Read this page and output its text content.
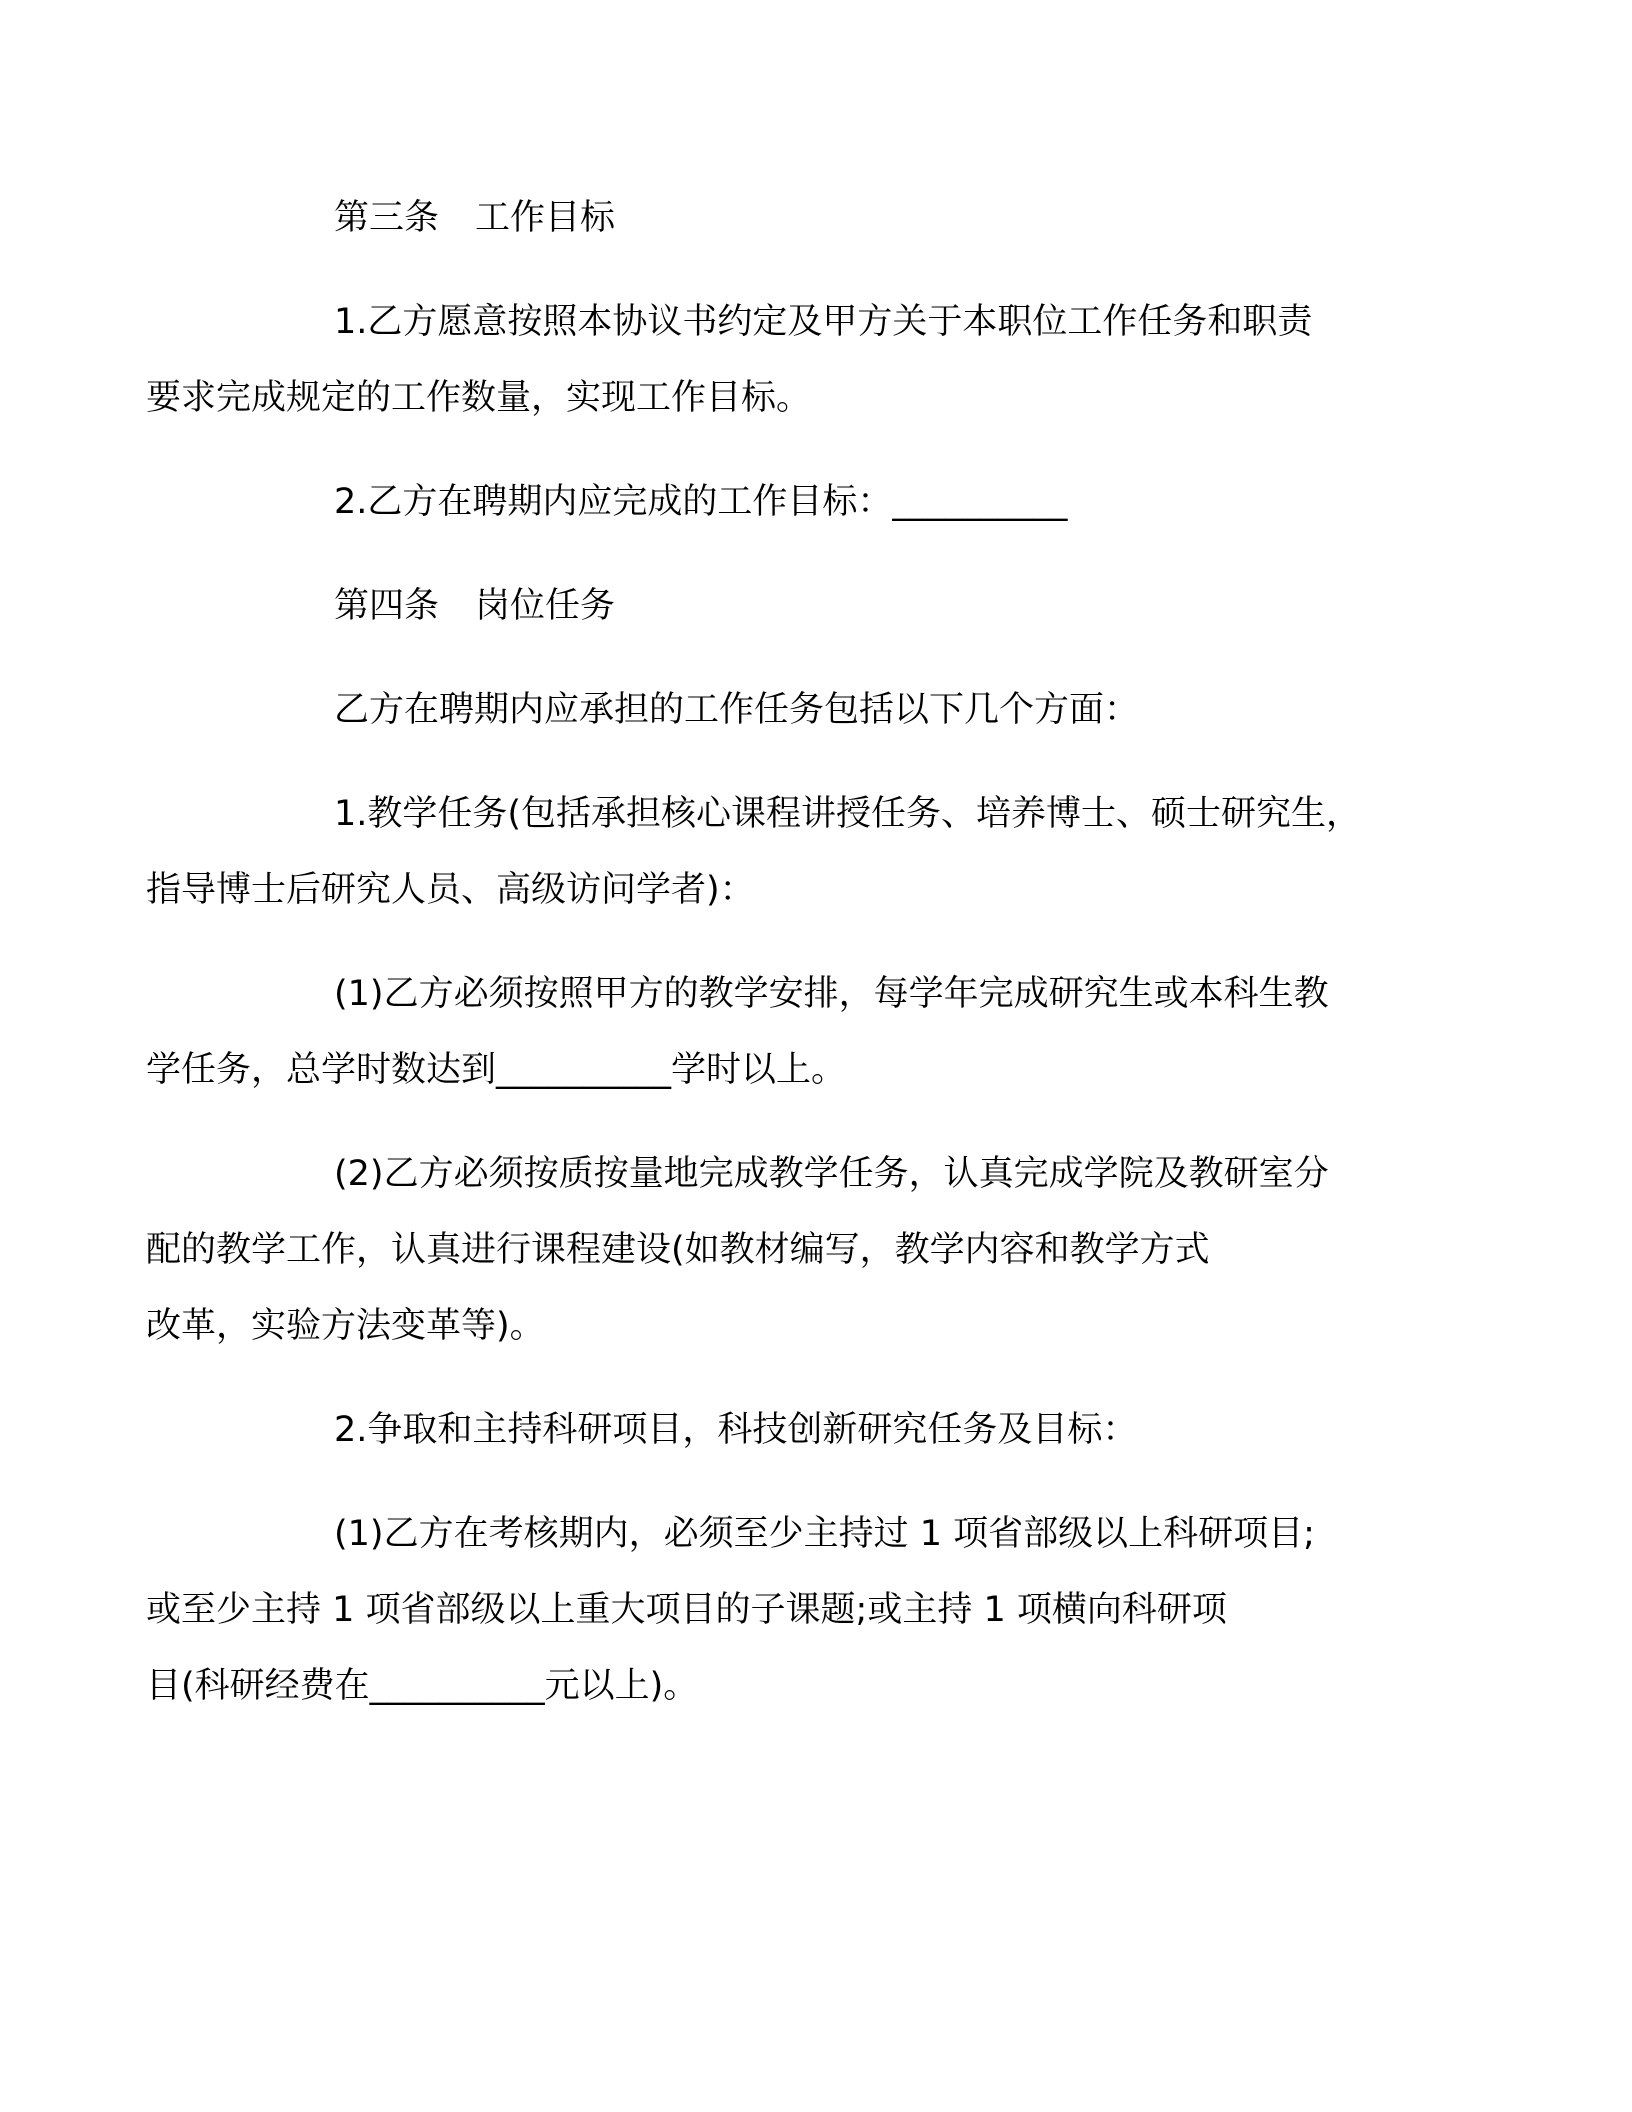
第三条 工作目标

1.乙方愿意按照本协议书约定及甲方关于本职位工作任务和职责
要求完成规定的工作数量，实现工作目标。

2.乙方在聘期内应完成的工作目标：__________

第四条 岗位任务

乙方在聘期内应承担的工作任务包括以下几个方面：

1.教学任务(包括承担核心课程讲授任务、培养博士、硕士研究生，
指导博士后研究人员、高级访问学者)：

(1)乙方必须按照甲方的教学安排，每学年完成研究生或本科生教
学任务，总学时数达到__________学时以上。

(2)乙方必须按质按量地完成教学任务，认真完成学院及教研室分
配的教学工作，认真进行课程建设(如教材编写，教学内容和教学方式
改革，实验方法变革等)。

2.争取和主持科研项目，科技创新研究任务及目标：

(1)乙方在考核期内，必须至少主持过 1 项省部级以上科研项目;
或至少主持 1 项省部级以上重大项目的子课题;或主持 1 项横向科研项
目(科研经费在__________元以上)。
